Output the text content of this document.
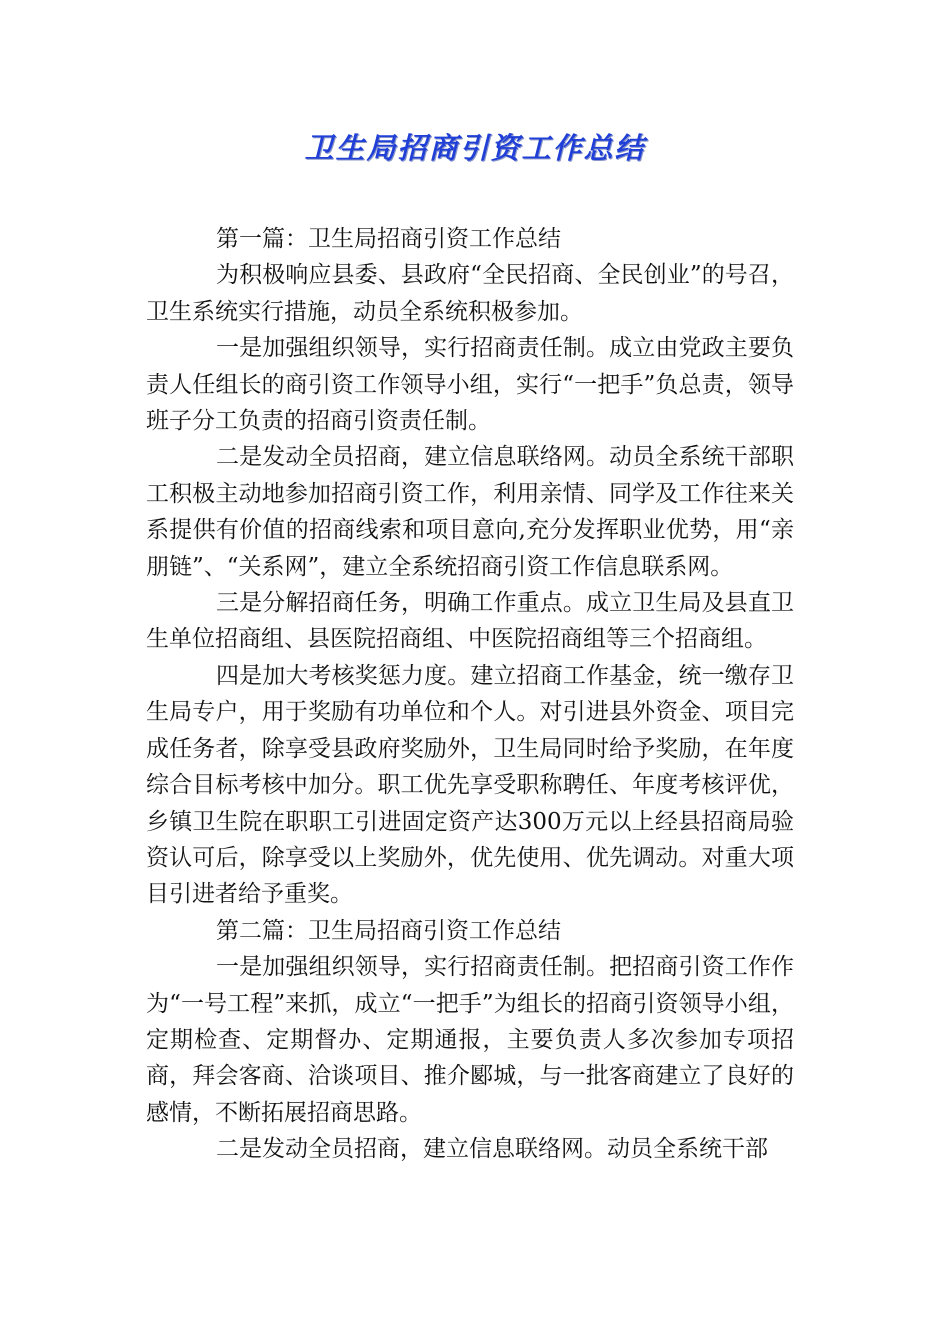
卫生局招商引资工作总结

第一篇：卫生局招商引资工作总结

为积极响应县委、县政府“全民招商、全民创业”的号召，卫生系统实行措施，动员全系统积极参加。

一是加强组织领导，实行招商责任制。成立由党政主要负责人任组长的商引资工作领导小组，实行“一把手”负总责，领导班子分工负责的招商引资责任制。

二是发动全员招商，建立信息联络网。动员全系统干部职工积极主动地参加招商引资工作，利用亲情、同学及工作往来关系提供有价值的招商线索和项目意向,充分发挥职业优势，用“亲朋链”、“关系网”，建立全系统招商引资工作信息联系网。

三是分解招商任务，明确工作重点。成立卫生局及县直卫生单位招商组、县医院招商组、中医院招商组等三个招商组。

四是加大考核奖惩力度。建立招商工作基金，统一缴存卫生局专户，用于奖励有功单位和个人。对引进县外资金、项目完成任务者，除享受县政府奖励外，卫生局同时给予奖励，在年度综合目标考核中加分。职工优先享受职称聘任、年度考核评优，乡镇卫生院在职职工引进固定资产达300万元以上经县招商局验资认可后，除享受以上奖励外，优先使用、优先调动。对重大项目引进者给予重奖。

第二篇：卫生局招商引资工作总结

一是加强组织领导，实行招商责任制。把招商引资工作作为“一号工程”来抓，成立“一把手”为组长的招商引资领导小组，定期检查、定期督办、定期通报，主要负责人多次参加专项招商，拜会客商、洽谈项目、推介郾城，与一批客商建立了良好的感情，不断拓展招商思路。

二是发动全员招商，建立信息联络网。动员全系统干部
